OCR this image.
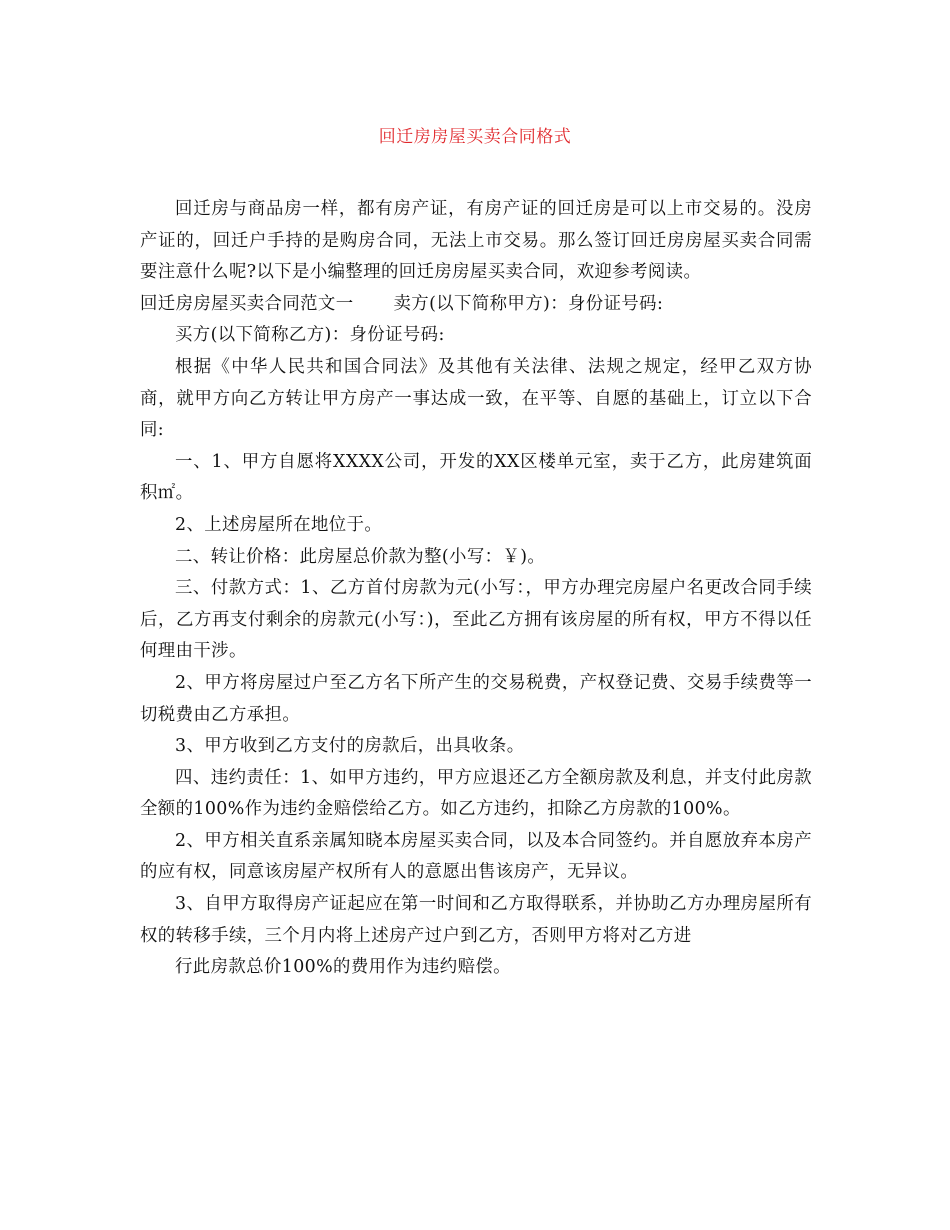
回迁房房屋买卖合同格式

回迁房与商品房一样，都有房产证，有房产证的回迁房是可以上市交易的。没房产证的，回迁户手持的是购房合同，无法上市交易。那么签订回迁房房屋买卖合同需要注意什么呢?以下是小编整理的回迁房房屋买卖合同，欢迎参考阅读。

回迁房房屋买卖合同范文一 卖方(以下简称甲方)：身份证号码:

买方(以下简称乙方)：身份证号码:

根据《中华人民共和国合同法》及其他有关法律、法规之规定，经甲乙双方协商，就甲方向乙方转让甲方房产一事达成一致，在平等、自愿的基础上，订立以下合同:

一、1、甲方自愿将XXXX公司，开发的XX区楼单元室，卖于乙方，此房建筑面积㎡。

2、上述房屋所在地位于。

二、转让价格：此房屋总价款为整(小写：￥)。

三、付款方式：1、乙方首付房款为元(小写：，甲方办理完房屋户名更改合同手续后，乙方再支付剩余的房款元(小写：)，至此乙方拥有该房屋的所有权，甲方不得以任何理由干涉。

2、甲方将房屋过户至乙方名下所产生的交易税费，产权登记费、交易手续费等一切税费由乙方承担。

3、甲方收到乙方支付的房款后，出具收条。

四、违约责任：1、如甲方违约，甲方应退还乙方全额房款及利息，并支付此房款全额的100%作为违约金赔偿给乙方。如乙方违约，扣除乙方房款的100%。

2、甲方相关直系亲属知晓本房屋买卖合同，以及本合同签约。并自愿放弃本房产的应有权，同意该房屋产权所有人的意愿出售该房产，无异议。

3、自甲方取得房产证起应在第一时间和乙方取得联系，并协助乙方办理房屋所有权的转移手续，三个月内将上述房产过户到乙方，否则甲方将对乙方进

行此房款总价100%的费用作为违约赔偿。
